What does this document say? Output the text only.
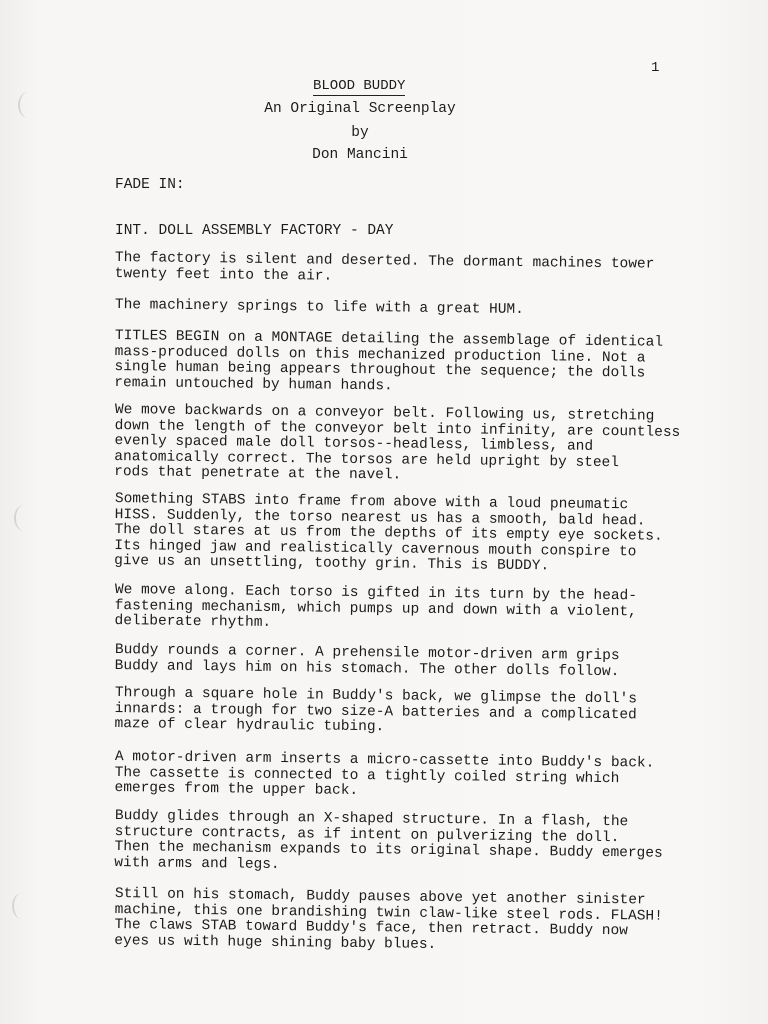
1
BLOOD BUDDY
An Original Screenplay
by
Don Mancini
FADE IN:
INT. DOLL ASSEMBLY FACTORY - DAY
The factory is silent and deserted. The dormant machines tower
twenty feet into the air.
The machinery springs to life with a great HUM.
TITLES BEGIN on a MONTAGE detailing the assemblage of identical
mass-produced dolls on this mechanized production line. Not a
single human being appears throughout the sequence; the dolls
remain untouched by human hands.
We move backwards on a conveyor belt. Following us, stretching
down the length of the conveyor belt into infinity, are countless
evenly spaced male doll torsos--headless, limbless, and
anatomically correct. The torsos are held upright by steel
rods that penetrate at the navel.
Something STABS into frame from above with a loud pneumatic
HISS. Suddenly, the torso nearest us has a smooth, bald head.
The doll stares at us from the depths of its empty eye sockets.
Its hinged jaw and realistically cavernous mouth conspire to
give us an unsettling, toothy grin. This is BUDDY.
We move along. Each torso is gifted in its turn by the head-
fastening mechanism, which pumps up and down with a violent,
deliberate rhythm.
Buddy rounds a corner. A prehensile motor-driven arm grips
Buddy and lays him on his stomach. The other dolls follow.
Through a square hole in Buddy's back, we glimpse the doll's
innards: a trough for two size-A batteries and a complicated
maze of clear hydraulic tubing.
A motor-driven arm inserts a micro-cassette into Buddy's back.
The cassette is connected to a tightly coiled string which
emerges from the upper back.
Buddy glides through an X-shaped structure. In a flash, the
structure contracts, as if intent on pulverizing the doll.
Then the mechanism expands to its original shape. Buddy emerges
with arms and legs.
Still on his stomach, Buddy pauses above yet another sinister
machine, this one brandishing twin claw-like steel rods. FLASH!
The claws STAB toward Buddy's face, then retract. Buddy now
eyes us with huge shining baby blues.
